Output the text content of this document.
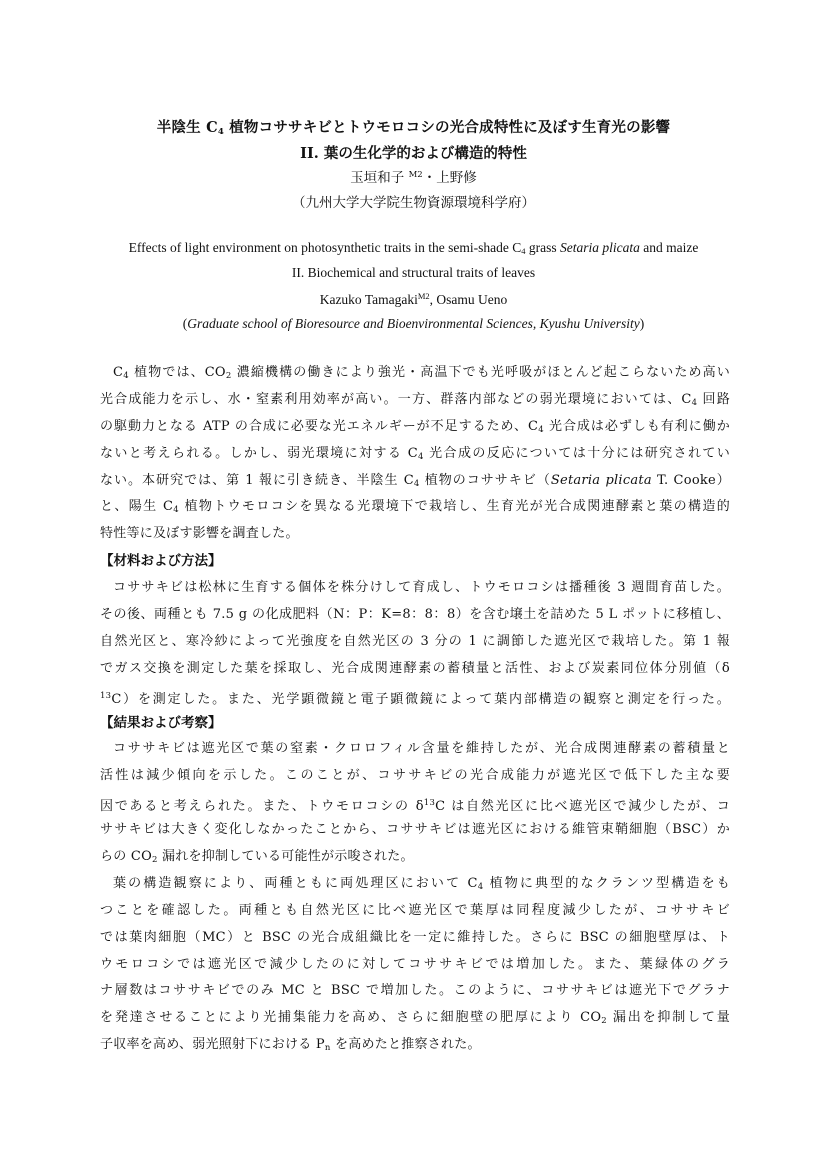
半陰生 $C_4$ 植物コササキビとトウモロコシの光合成特性に及ぼす生育光の影響
II. 葉の生化学的および構造的特性
玉垣和子 $^{M2}$・上野修
（九州大学大学院生物資源環境科学府）
Effects of light environment on photosynthetic traits in the semi-shade $C_4$ grass Setaria plicata and maize
II. Biochemical and structural traits of leaves
Kazuko Tamagaki$^{M2}$, Osamu Ueno
(Graduate school of Bioresource and Bioenvironmental Sciences, Kyushu University)
$C_4$ 植物では、$CO_2$ 濃縮機構の働きにより強光・高温下でも光呼吸がほとんど起こらないため高い
光合成能力を示し、水・窒素利用効率が高い。一方、群落内部などの弱光環境においては、$C_4$ 回路
の駆動力となる ATP の合成に必要な光エネルギーが不足するため、$C_4$ 光合成は必ずしも有利に働か
ないと考えられる。しかし、弱光環境に対する $C_4$ 光合成の反応については十分には研究されてい
ない。本研究では、第 1 報に引き続き、半陰生 $C_4$ 植物のコササキビ（Setaria plicata T. Cooke）
と、陽生 $C_4$ 植物トウモロコシを異なる光環境下で栽培し、生育光が光合成関連酵素と葉の構造的
特性等に及ぼす影響を調査した。
【材料および方法】
コササキビは松林に生育する個体を株分けして育成し、トウモロコシは播種後 3 週間育苗した。
その後、両種とも 7.5 g の化成肥料（N：P：K=8：8：8）を含む壌土を詰めた 5 L ポットに移植し、
自然光区と、寒冷紗によって光強度を自然光区の 3 分の 1 に調節した遮光区で栽培した。第 1 報
でガス交換を測定した葉を採取し、光合成関連酵素の蓄積量と活性、および炭素同位体分別値（δ
$^{13}$C）を測定した。また、光学顕微鏡と電子顕微鏡によって葉内部構造の観察と測定を行った。
【結果および考察】
コササキビは遮光区で葉の窒素・クロロフィル含量を維持したが、光合成関連酵素の蓄積量と
活性は減少傾向を示した。このことが、コササキビの光合成能力が遮光区で低下した主な要
因であると考えられた。また、トウモロコシの $\delta^{13}C$ は自然光区に比べ遮光区で減少したが、コ
ササキビは大きく変化しなかったことから、コササキビは遮光区における維管束鞘細胞（BSC）か
らの $CO_2$ 漏れを抑制している可能性が示唆された。
葉の構造観察により、両種ともに両処理区において $C_4$ 植物に典型的なクランツ型構造をも
つことを確認した。両種とも自然光区に比べ遮光区で葉厚は同程度減少したが、コササキビ
では葉肉細胞（MC）と BSC の光合成組織比を一定に維持した。さらに BSC の細胞壁厚は、ト
ウモロコシでは遮光区で減少したのに対してコササキビでは増加した。また、葉緑体のグラ
ナ層数はコササキビでのみ MC と BSC で増加した。このように、コササキビは遮光下でグラナ
を発達させることにより光捕集能力を高め、さらに細胞壁の肥厚により $CO_2$ 漏出を抑制して量
子収率を高め、弱光照射下における $P_n$ を高めたと推察された。
